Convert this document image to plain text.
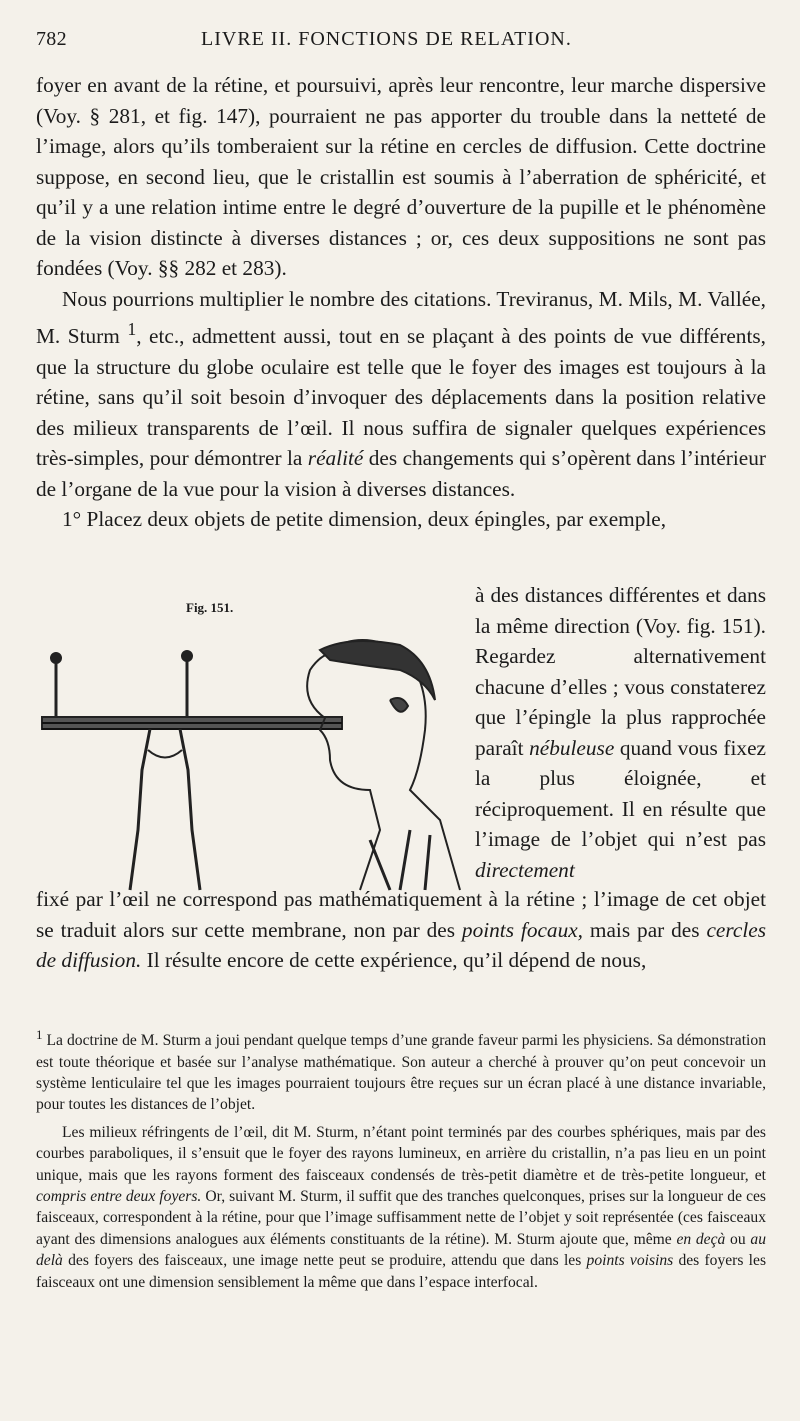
782	LIVRE II. FONCTIONS DE RELATION.

foyer en avant de la rétine, et poursuivi, après leur rencontre, leur marche dispersive (Voy. § 281, et fig. 147), pourraient ne pas apporter du trouble dans la netteté de l’image, alors qu’ils tomberaient sur la rétine en cercles de diffusion. Cette doctrine suppose, en second lieu, que le cristallin est soumis à l’aberration de sphéricité, et qu’il y a une relation intime entre le degré d’ouverture de la pupille et le phénomène de la vision distincte à diverses distances ; or, ces deux suppositions ne sont pas fondées (Voy. §§ 282 et 283).

Nous pourrions multiplier le nombre des citations. Treviranus, M. Mils, M. Vallée, M. Sturm $^1$, etc., admettent aussi, tout en se plaçant à des points de vue différents, que la structure du globe oculaire est telle que le foyer des images est toujours à la rétine, sans qu’il soit besoin d’invoquer des déplacements dans la position relative des milieux transparents de l’œil. Il nous suffira de signaler quelques expériences très-simples, pour démontrer la réalité des changements qui s’opèrent dans l’intérieur de l’organe de la vue pour la vision à diverses distances.

1° Placez deux objets de petite dimension, deux épingles, par exemple,

Fig. 151.

à des distances différentes et dans la même direction (Voy. fig. 151). Regardez alternativement chacune d’elles ; vous constaterez que l’épingle la plus rapprochée paraît nébuleuse quand vous fixez la plus éloignée, et réciproquement. Il en résulte que l’image de l’objet qui n’est pas directement

fixé par l’œil ne correspond pas mathématiquement à la rétine ; l’image de cet objet se traduit alors sur cette membrane, non par des points focaux, mais par des cercles de diffusion. Il résulte encore de cette expérience, qu’il dépend de nous,

$^1$ La doctrine de M. Sturm a joui pendant quelque temps d’une grande faveur parmi les physiciens. Sa démonstration est toute théorique et basée sur l’analyse mathématique. Son auteur a cherché à prouver qu’on peut concevoir un système lenticulaire tel que les images pourraient toujours être reçues sur un écran placé à une distance invariable, pour toutes les distances de l’objet.

Les milieux réfringents de l’œil, dit M. Sturm, n’étant point terminés par des courbes sphériques, mais par des courbes paraboliques, il s’ensuit que le foyer des rayons lumineux, en arrière du cristallin, n’a pas lieu en un point unique, mais que les rayons forment des faisceaux condensés de très-petit diamètre et de très-petite longueur, et compris entre deux foyers. Or, suivant M. Sturm, il suffit que des tranches quelconques, prises sur la longueur de ces faisceaux, correspondent à la rétine, pour que l’image suffisamment nette de l’objet y soit représentée (ces faisceaux ayant des dimensions analogues aux éléments constituants de la rétine). M. Sturm ajoute que, même en deçà ou au delà des foyers des faisceaux, une image nette peut se produire, attendu que dans les points voisins des foyers les faisceaux ont une dimension sensiblement la même que dans l’espace interfocal.
